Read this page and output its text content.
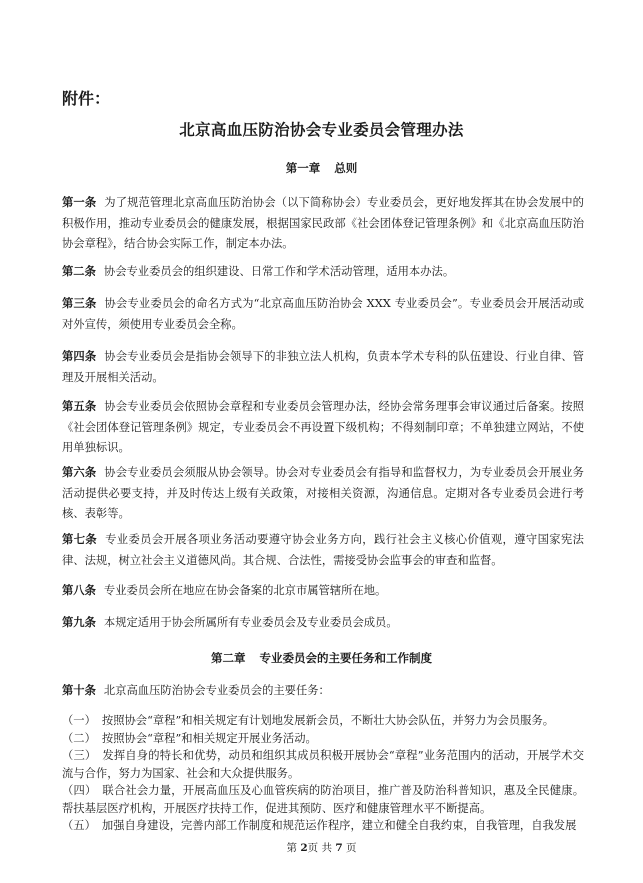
附件：
北京高血压防治协会专业委员会管理办法
第一章 总则
第一条 为了规范管理北京高血压防治协会（以下简称协会）专业委员会，更好地发挥其在协会发展中的积极作用，推动专业委员会的健康发展，根据国家民政部《社会团体登记管理条例》和《北京高血压防治协会章程》，结合协会实际工作，制定本办法。
第二条 协会专业委员会的组织建设、日常工作和学术活动管理，适用本办法。
第三条 协会专业委员会的命名方式为“北京高血压防治协会 XXX 专业委员会”。专业委员会开展活动或对外宣传，须使用专业委员会全称。
第四条 协会专业委员会是指协会领导下的非独立法人机构，负责本学术专科的队伍建设、行业自律、管理及开展相关活动。
第五条 协会专业委员会依照协会章程和专业委员会管理办法，经协会常务理事会审议通过后备案。按照《社会团体登记管理条例》规定，专业委员会不再设置下级机构；不得刻制印章；不单独建立网站，不使用单独标识。
第六条 协会专业委员会须服从协会领导。协会对专业委员会有指导和监督权力，为专业委员会开展业务活动提供必要支持，并及时传达上级有关政策，对接相关资源，沟通信息。定期对各专业委员会进行考核、表彰等。
第七条 专业委员会开展各项业务活动要遵守协会业务方向，践行社会主义核心价值观，遵守国家宪法律、法规，树立社会主义道德风尚。其合规、合法性，需接受协会监事会的审查和监督。
第八条 专业委员会所在地应在协会备案的北京市属管辖所在地。
第九条 本规定适用于协会所属所有专业委员会及专业委员会成员。
第二章 专业委员会的主要任务和工作制度
第十条 北京高血压防治协会专业委员会的主要任务：
（一） 按照协会“章程”和相关规定有计划地发展新会员，不断壮大协会队伍，并努力为会员服务。
（二） 按照协会“章程”和相关规定开展业务活动。
（三） 发挥自身的特长和优势，动员和组织其成员积极开展协会“章程”业务范围内的活动，开展学术交流与合作，努力为国家、社会和大众提供服务。
（四） 联合社会力量，开展高血压及心血管疾病的防治项目，推广普及防治科普知识，惠及全民健康。帮扶基层医疗机构，开展医疗扶持工作，促进其预防、医疗和健康管理水平不断提高。
（五） 加强自身建设，完善内部工作制度和规范运作程序，建立和健全自我约束，自我管理，自我发展
第 2页 共 7 页
